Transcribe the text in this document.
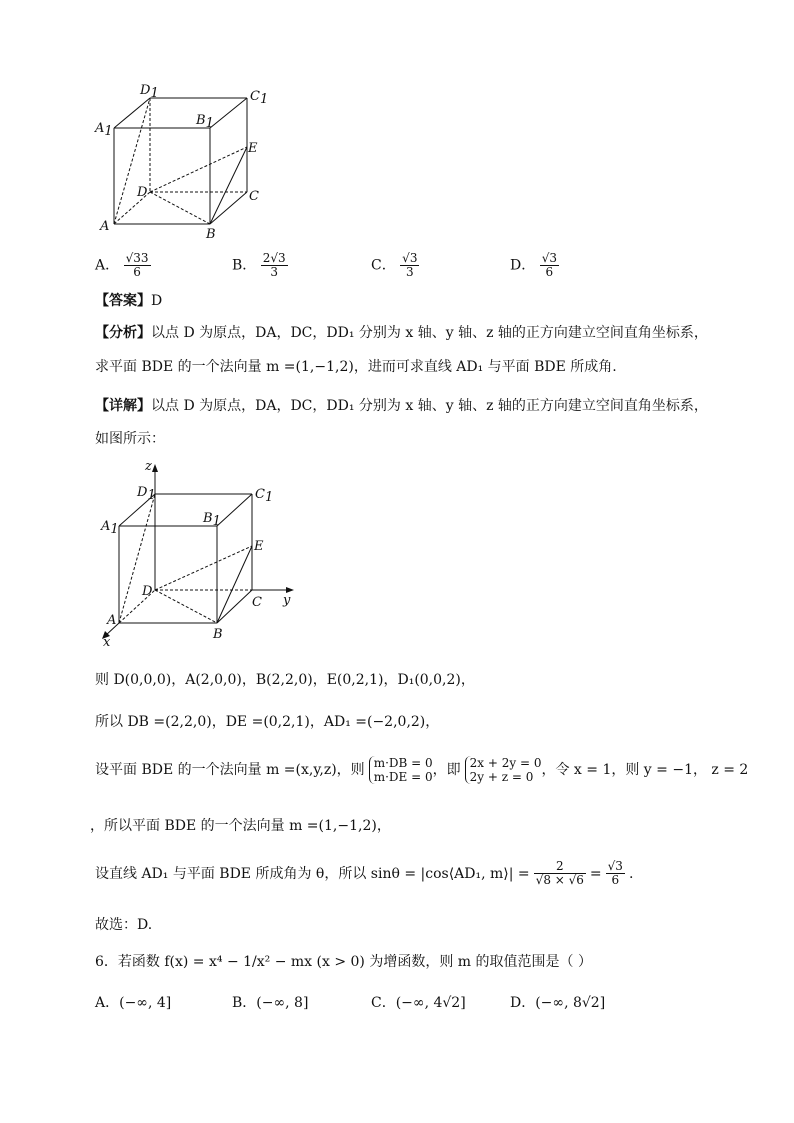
D1	C1
A1
B1
E
D	C
A
B
A． $\frac{√33}{6}$	B． $\frac{2√3}{3}$	C． $\frac{√3}{3}$	D． $\frac{√3}{6}$
【答案】D
【分析】以点 D 为原点，DA，DC，DD₁ 分别为 x 轴、y 轴、z 轴的正方向建立空间直角坐标系，
求平面 BDE 的一个法向量 m =(1,−1,2)，进而可求直线 AD₁ 与平面 BDE 所成角.
【详解】以点 D 为原点，DA，DC，DD₁ 分别为 x 轴、y 轴、z 轴的正方向建立空间直角坐标系，
如图所示：
z
y
x
D1	C1
A1
B1
E
D
C
A
B
则 D(0,0,0)，A(2,0,0)，B(2,2,0)，E(0,2,1)，D₁(0,0,2)，
所以 DB =(2,2,0)，DE =(0,2,1)，AD₁ =(−2,0,2)，
设平面 BDE 的一个法向量 m =(x,y,z)，则 m·DB = 0
m·DE = 0 ，即 2x + 2y = 0
2y + z = 0 ，令 x = 1，则 y = −1， z = 2
，所以平面 BDE 的一个法向量 m =(1,−1,2)，
设直线 AD₁ 与平面 BDE 所成角为 θ，所以 sinθ = |cos⟨AD₁, m⟩| = $\frac{2}{√8 \times √6} = \frac{√3}{6}$ .
故选：D.
6．若函数 f(x) = x⁴ − 1/x² − mx (x > 0) 为增函数，则 m 的取值范围是（ ）
A．(−∞, 4]	B．(−∞, 8]	C．(−∞, 4√2]	D．(−∞, 8√2]
